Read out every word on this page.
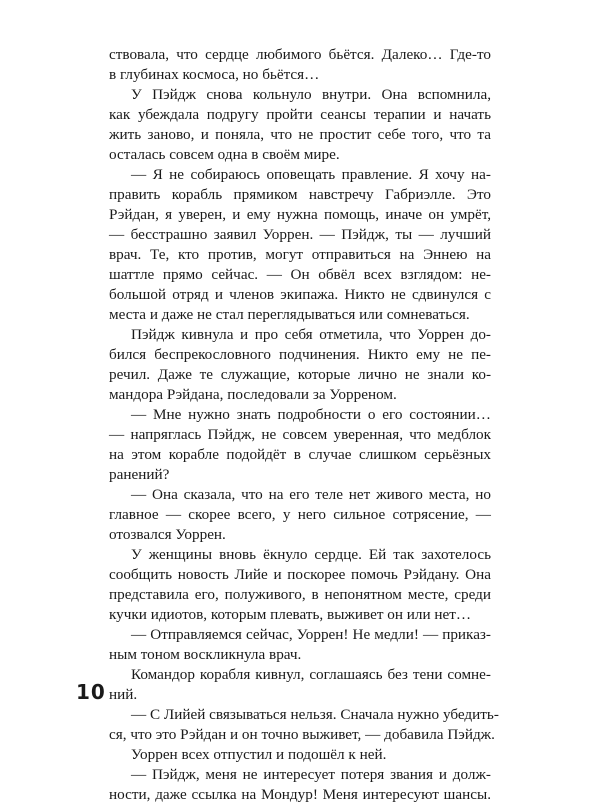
ствовала, что сердце любимого бьётся. Далеко… Где-то
в глубинах космоса, но бьётся…
У Пэйдж снова кольнуло внутри. Она вспомнила,
как убеждала подругу пройти сеансы терапии и начать
жить заново, и поняла, что не простит себе того, что та
осталась совсем одна в своём мире.
— Я не собираюсь оповещать правление. Я хочу на-
править корабль прямиком навстречу Габриэлле. Это
Рэйдан, я уверен, и ему нужна помощь, иначе он умрёт,
— бесстрашно заявил Уоррен. — Пэйдж, ты — лучший
врач. Те, кто против, могут отправиться на Эннею на
шаттле прямо сейчас. — Он обвёл всех взглядом: не-
большой отряд и членов экипажа. Никто не сдвинулся с
места и даже не стал переглядываться или сомневаться.
Пэйдж кивнула и про себя отметила, что Уоррен до-
бился беспрекословного подчинения. Никто ему не пе-
речил. Даже те служащие, которые лично не знали ко-
мандора Рэйдана, последовали за Уорреном.
— Мне нужно знать подробности о его состоянии…
— напряглась Пэйдж, не совсем уверенная, что медблок
на этом корабле подойдёт в случае слишком серьёзных
ранений?
— Она сказала, что на его теле нет живого места, но
главное — скорее всего, у него сильное сотрясение, —
отозвался Уоррен.
У женщины вновь ёкнуло сердце. Ей так захотелось
сообщить новость Лийе и поскорее помочь Рэйдану. Она
представила его, полуживого, в непонятном месте, среди
кучки идиотов, которым плевать, выживет он или нет…
— Отправляемся сейчас, Уоррен! Не медли! — приказ-
ным тоном воскликнула врач.
Командор корабля кивнул, соглашаясь без тени сомне-
ний.
— С Лийей связываться нельзя. Сначала нужно убедить-
ся, что это Рэйдан и он точно выживет, — добавила Пэйдж.
Уоррен всех отпустил и подошёл к ней.
— Пэйдж, меня не интересует потеря звания и долж-
ности, даже ссылка на Мондур! Меня интересуют шансы.
10
